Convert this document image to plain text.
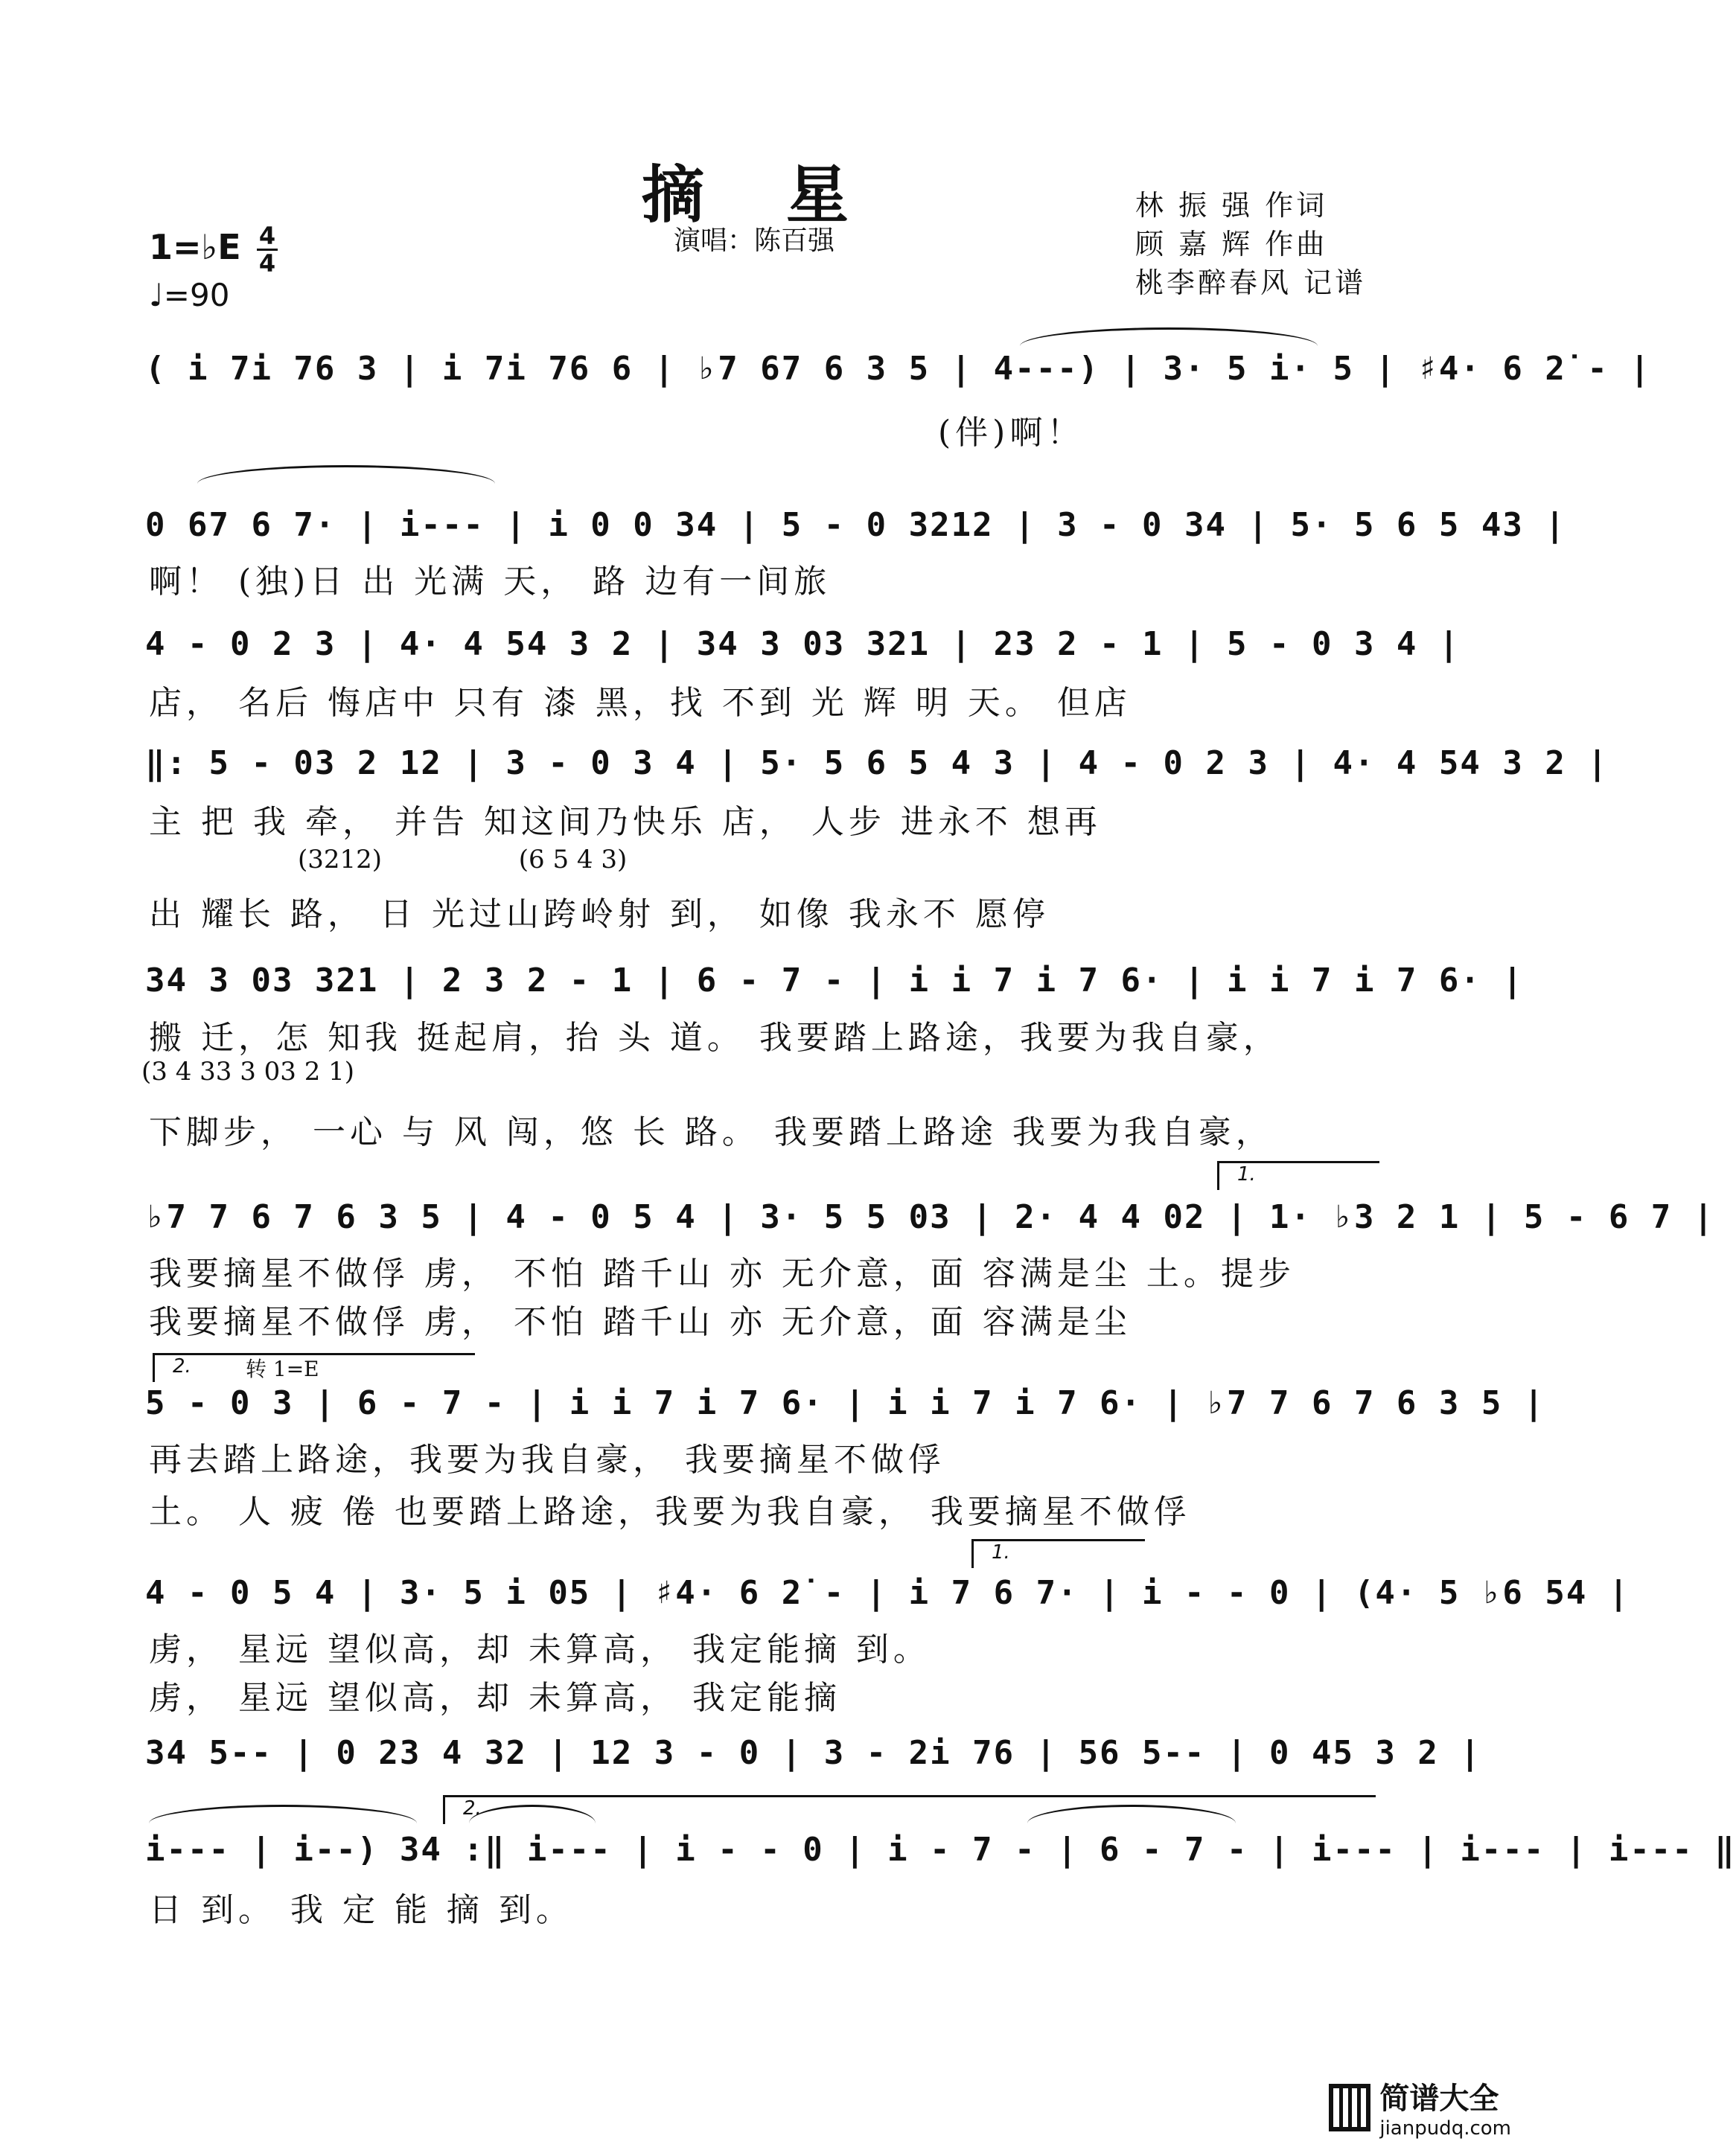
摘星
演唱：陈百强
林 振 强 作词
顾 嘉 辉 作曲
桃李醉春风 记谱
1=♭E 4
4
♩=90
( i 7i 76 3 | i 7i 76 6 | ♭7 67 6 3 5 | 4---) | 3· 5 i· 5 | ♯4· 6 2̇ - |
(伴)啊！
0 67 6 7· | i--- | i 0 0 34 | 5 - 0 3212 | 3 - 0 34 | 5· 5 6 5 43 |
啊！ (独)日 出 光满 天， 路 边有一间旅
4 - 0 2 3 | 4· 4 54 3 2 | 34 3 03 321 | 23 2 - 1 | 5 - 0 3 4 |
店， 名后 悔店中 只有 漆 黑，找 不到 光 辉 明 天。 但店
‖: 5 - 03 2 12 | 3 - 0 3 4 | 5· 5 6 5 4 3 | 4 - 0 2 3 | 4· 4 54 3 2 |
主 把 我 牵， 并告 知这间乃快乐 店， 人步 进永不 想再
(3212)                 (6 5 4 3)
出 耀长 路， 日 光过山跨岭射 到， 如像 我永不 愿停
34 3 03 321 | 2 3 2 - 1 | 6 - 7 - | i i 7 i 7 6· | i i 7 i 7 6· |
搬 迁，怎 知我 挺起肩，抬 头 道。 我要踏上路途，我要为我自豪，
(3 4 33 3 03 2 1)
下脚步， 一心 与 风 闯，悠 长 路。 我要踏上路途 我要为我自豪，
1.
♭7 7 6 7 6 3 5 | 4 - 0 5 4 | 3· 5 5 03 | 2· 4 4 02 | 1· ♭3 2 1 | 5 - 6 7 |
我要摘星不做俘 虏， 不怕 踏千山 亦 无介意，面 容满是尘 土。提步
我要摘星不做俘 虏， 不怕 踏千山 亦 无介意，面 容满是尘
2.	转 1=E
5 - 0 3 | 6 - 7 - | i i 7 i 7 6· | i i 7 i 7 6· | ♭7 7 6 7 6 3 5 |
再去踏上路途，我要为我自豪， 我要摘星不做俘
土。 人 疲 倦 也要踏上路途，我要为我自豪， 我要摘星不做俘
1.
4 - 0 5 4 | 3· 5 i 05 | ♯4· 6 2̇ - | i 7 6 7· | i - - 0 | (4· 5 ♭6 54 |
虏， 星远 望似高，却 未算高， 我定能摘 到。
虏， 星远 望似高，却 未算高， 我定能摘
34 5-- | 0 23 4 32 | 12 3 - 0 | 3 - 2i 76 | 56 5-- | 0 45 3 2 |
2.
i--- | i--) 34 :‖ i--- | i - - 0 | i - 7 - | 6 - 7 - | i--- | i--- | i--- ‖
日 到。 我 定 能 摘 到。
简谱大全
jianpudq.com
